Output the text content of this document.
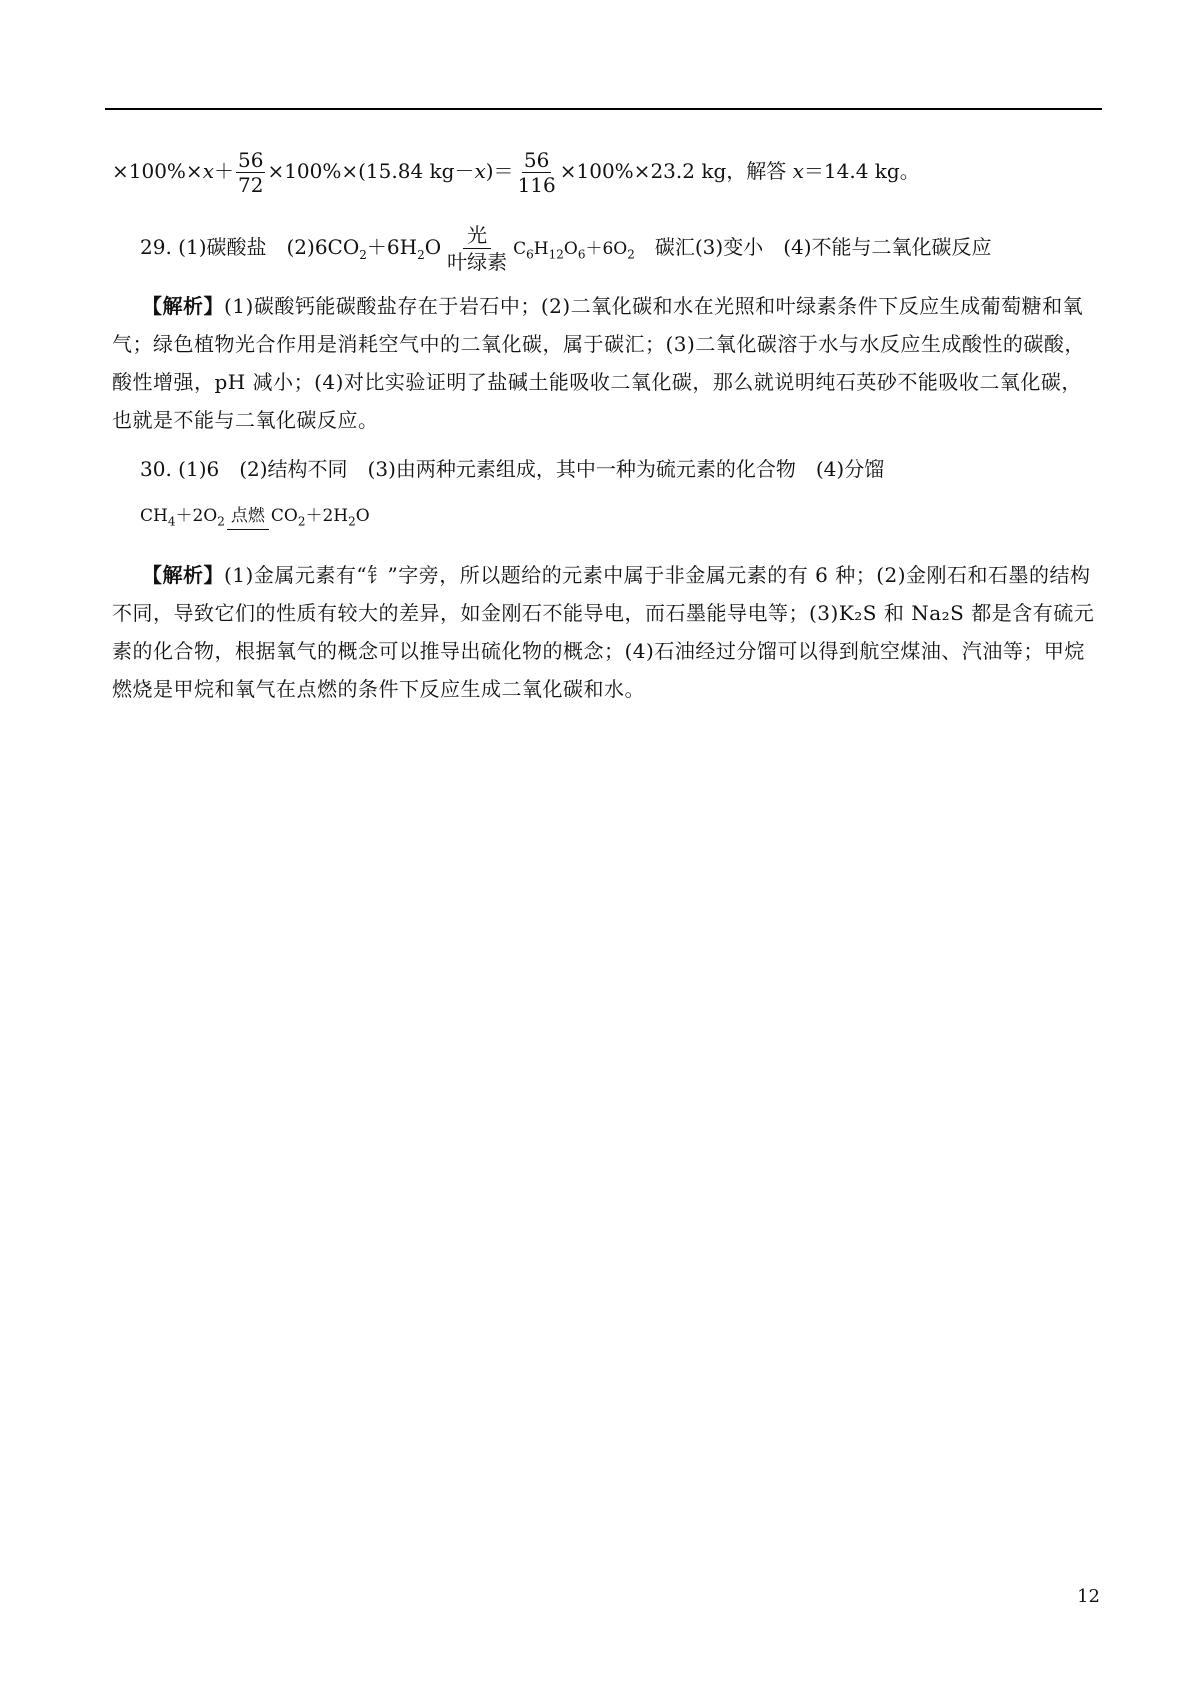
$\times 100\%\times x+ \frac{56}{72} \times 100\%\times(15.84$ $kg-x)= \frac{56}{116} \times 100\%\times 23.2$ kg，解答 x＝14.4 kg。
29. (1)碳酸盐　$(2)6CO_2+6H_2O$ 光
叶绿素
$C_6H_{12}O_6+6O_2$　碳汇(3)变小　(4)不能与二氧化碳反应
【解析】(1)碳酸钙能碳酸盐存在于岩石中；(2)二氧化碳和水在光照和叶绿素条件下反应生成葡萄糖和氧气；绿色植物光合作用是消耗空气中的二氧化碳，属于碳汇；(3)二氧化碳溶于水与水反应生成酸性的碳酸，酸性增强，pH 减小；(4)对比实验证明了盐碱土能吸收二氧化碳，那么就说明纯石英砂不能吸收二氧化碳，也就是不能与二氧化碳反应。
30. (1)6　(2)结构不同　(3)由两种元素组成，其中一种为硫元素的化合物　(4)分馏
$CH_4+2O_2$ 点燃 $CO_2+2H_2O$
【解析】(1)金属元素有“钅”字旁，所以题给的元素中属于非金属元素的有 6 种；(2)金刚石和石墨的结构不同，导致它们的性质有较大的差异，如金刚石不能导电，而石墨能导电等；(3)K₂S 和 Na₂S 都是含有硫元素的化合物，根据氧气的概念可以推导出硫化物的概念；(4)石油经过分馏可以得到航空煤油、汽油等；甲烷燃烧是甲烷和氧气在点燃的条件下反应生成二氧化碳和水。
12
